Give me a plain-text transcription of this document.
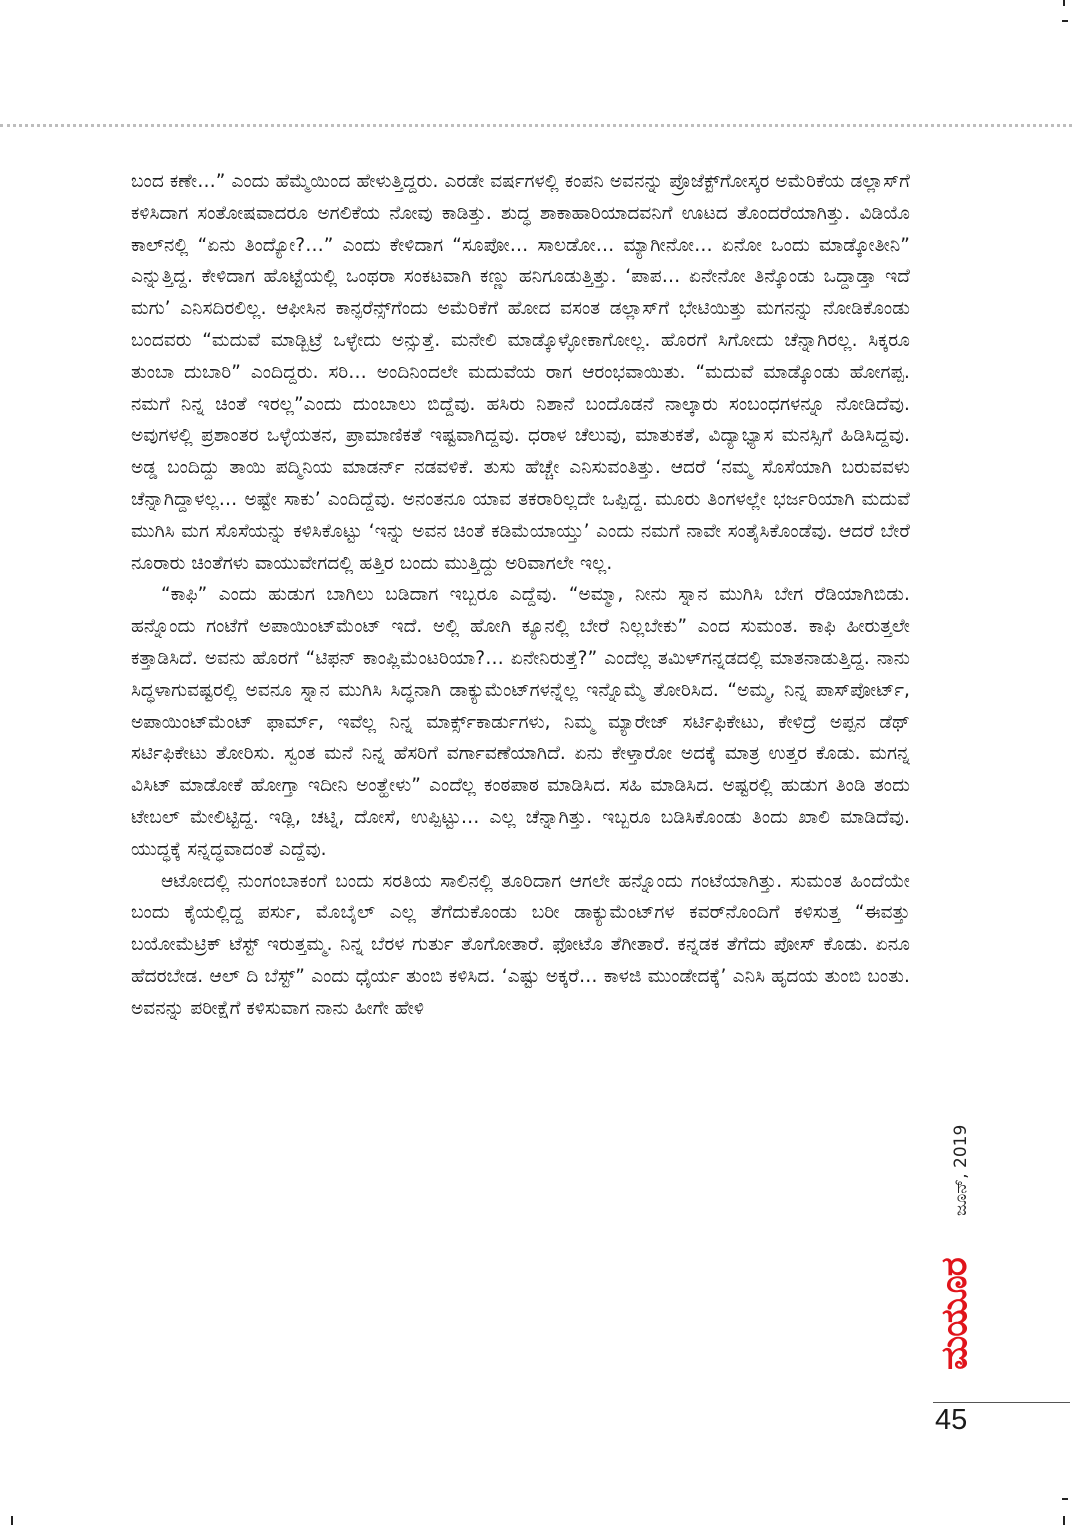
ಬಂದ ಕಣೇ…” ಎಂದು ಹೆಮ್ಮೆಯಿಂದ ಹೇಳುತ್ತಿದ್ದರು. ಎರಡೇ ವರ್ಷಗಳಲ್ಲಿ ಕಂಪನಿ ಅವನನ್ನು ಪ್ರೊಜೆಕ್ಟ್‌ಗೋಸ್ಕರ ಅಮೆರಿಕೆಯ ಡಲ್ಲಾಸ್‌ಗೆ ಕಳಿಸಿದಾಗ ಸಂತೋಷವಾದರೂ ಅಗಲಿಕೆಯ ನೋವು ಕಾಡಿತ್ತು. ಶುದ್ಧ ಶಾಕಾಹಾರಿಯಾದವನಿಗೆ ಊಟದ ತೊಂದರೆಯಾಗಿತ್ತು. ವಿಡಿಯೊ ಕಾಲ್‌ನಲ್ಲಿ “ಏನು ತಿಂದ್ಯೋ?…” ಎಂದು ಕೇಳಿದಾಗ “ಸೂಪೋ… ಸಾಲಡೋ… ಮ್ಯಾಗೀನೋ… ಏನೋ ಒಂದು ಮಾಡ್ಕೋತೀನಿ” ಎನ್ನುತ್ತಿದ್ದ. ಕೇಳಿದಾಗ ಹೊಟ್ಟೆಯಲ್ಲಿ ಒಂಥರಾ ಸಂಕಟವಾಗಿ ಕಣ್ಣು ಹನಿಗೂಡುತ್ತಿತ್ತು. ‘ಪಾಪ… ಏನೇನೋ ತಿನ್ಕೊಂಡು ಒದ್ದಾಡ್ತಾ ಇದೆ ಮಗು’ ಎನಿಸದಿರಲಿಲ್ಲ. ಆಫೀಸಿನ ಕಾನ್ಫರೆನ್ಸ್‌ಗೆಂದು ಅಮೆರಿಕೆಗೆ ಹೋದ ವಸಂತ ಡಲ್ಲಾಸ್‌ಗೆ ಭೇಟಿಯಿತ್ತು ಮಗನನ್ನು ನೋಡಿಕೊಂಡು ಬಂದವರು “ಮದುವೆ ಮಾಡ್ಬಿಟ್ರೆ ಒಳ್ಳೇದು ಅನ್ಸುತ್ತೆ. ಮನೇಲಿ ಮಾಡ್ಕೊಳ್ಳೋಕಾಗೋಲ್ಲ. ಹೊರಗೆ ಸಿಗೋದು ಚೆನ್ನಾಗಿರಲ್ಲ. ಸಿಕ್ಕರೂ ತುಂಬಾ ದುಬಾರಿ” ಎಂದಿದ್ದರು. ಸರಿ… ಅಂದಿನಿಂದಲೇ ಮದುವೆಯ ರಾಗ ಆರಂಭವಾಯಿತು. “ಮದುವೆ ಮಾಡ್ಕೊಂಡು ಹೋಗಪ್ಪ. ನಮಗೆ ನಿನ್ನ ಚಿಂತೆ ಇರಲ್ಲ”ಎಂದು ದುಂಬಾಲು ಬಿದ್ದೆವು. ಹಸಿರು ನಿಶಾನೆ ಬಂದೊಡನೆ ನಾಲ್ಕಾರು ಸಂಬಂಧಗಳನ್ನೂ ನೋಡಿದೆವು. ಅವುಗಳಲ್ಲಿ ಪ್ರಶಾಂತರ ಒಳ್ಳೆಯತನ, ಪ್ರಾಮಾಣಿಕತೆ ಇಷ್ಟವಾಗಿದ್ದವು. ಧರಾಳ ಚೆಲುವು, ಮಾತುಕತೆ, ವಿದ್ಯಾಭ್ಯಾಸ ಮನಸ್ಸಿಗೆ ಹಿಡಿಸಿದ್ದವು. ಅಡ್ಡ ಬಂದಿದ್ದು ತಾಯಿ ಪದ್ಮಿನಿಯ ಮಾಡರ್ನ್ ನಡವಳಿಕೆ. ತುಸು ಹೆಚ್ಚೇ ಎನಿಸುವಂತಿತ್ತು. ಆದರೆ ‘ನಮ್ಮ ಸೊಸೆಯಾಗಿ ಬರುವವಳು ಚೆನ್ನಾಗಿದ್ದಾಳಲ್ಲ… ಅಷ್ಟೇ ಸಾಕು’ ಎಂದಿದ್ದೆವು. ಅನಂತನೂ ಯಾವ ತಕರಾರಿಲ್ಲದೇ ಒಪ್ಪಿದ್ದ. ಮೂರು ತಿಂಗಳಲ್ಲೇ ಭರ್ಜರಿಯಾಗಿ ಮದುವೆ ಮುಗಿಸಿ ಮಗ ಸೊಸೆಯನ್ನು ಕಳಿಸಿಕೊಟ್ಟು ‘ಇನ್ನು ಅವನ ಚಿಂತೆ ಕಡಿಮೆಯಾಯ್ತು’ ಎಂದು ನಮಗೆ ನಾವೇ ಸಂತೈಸಿಕೊಂಡೆವು. ಆದರೆ ಬೇರೆ ನೂರಾರು ಚಿಂತೆಗಳು ವಾಯುವೇಗದಲ್ಲಿ ಹತ್ತಿರ ಬಂದು ಮುತ್ತಿದ್ದು ಅರಿವಾಗಲೇ ಇಲ್ಲ.

“ಕಾಫಿ” ಎಂದು ಹುಡುಗ ಬಾಗಿಲು ಬಡಿದಾಗ ಇಬ್ಬರೂ ಎದ್ದೆವು. “ಅಮ್ಮಾ, ನೀನು ಸ್ನಾನ ಮುಗಿಸಿ ಬೇಗ ರೆಡಿಯಾಗಿಬಿಡು. ಹನ್ನೊಂದು ಗಂಟೆಗೆ ಅಪಾಯಿಂಟ್‌ಮೆಂಟ್ ಇದೆ. ಅಲ್ಲಿ ಹೋಗಿ ಕ್ಯೂನಲ್ಲಿ ಬೇರೆ ನಿಲ್ಲಬೇಕು” ಎಂದ ಸುಮಂತ. ಕಾಫಿ ಹೀರುತ್ತಲೇ ಕತ್ತಾಡಿಸಿದೆ. ಅವನು ಹೊರಗೆ “ಟಿಫನ್ ಕಾಂಪ್ಲಿಮೆಂಟರಿಯಾ?… ಏನೇನಿರುತ್ತೆ?” ಎಂದೆಲ್ಲ ತಮಿಳ್‌ಗನ್ನಡದಲ್ಲಿ ಮಾತನಾಡುತ್ತಿದ್ದ. ನಾನು ಸಿದ್ಧಳಾಗುವಷ್ಟರಲ್ಲಿ ಅವನೂ ಸ್ನಾನ ಮುಗಿಸಿ ಸಿದ್ಧನಾಗಿ ಡಾಕ್ಯುಮೆಂಟ್‌ಗಳನ್ನೆಲ್ಲ ಇನ್ನೊಮ್ಮೆ ತೋರಿಸಿದ. “ಅಮ್ಮ, ನಿನ್ನ ಪಾಸ್‌ಪೋರ್ಟ್, ಅಪಾಯಿಂಟ್‌ಮೆಂಟ್ ಫಾರ್ಮ್, ಇವೆಲ್ಲ ನಿನ್ನ ಮಾರ್ಕ್ಸ್‌ಕಾರ್ಡುಗಳು, ನಿಮ್ಮ ಮ್ಯಾರೇಜ್ ಸರ್ಟಿಫಿಕೇಟು, ಕೇಳಿದ್ರೆ ಅಪ್ಪನ ಡೆಥ್ ಸರ್ಟಿಫಿಕೇಟು ತೋರಿಸು. ಸ್ವಂತ ಮನೆ ನಿನ್ನ ಹೆಸರಿಗೆ ವರ್ಗಾವಣೆಯಾಗಿದೆ. ಏನು ಕೇಳ್ತಾರೋ ಅದಕ್ಕೆ ಮಾತ್ರ ಉತ್ತರ ಕೊಡು. ಮಗನ್ನ ವಿಸಿಟ್ ಮಾಡೋಕೆ ಹೋಗ್ತಾ ಇದೀನಿ ಅಂತ್ಹೇಳು” ಎಂದೆಲ್ಲ ಕಂಠಪಾಠ ಮಾಡಿಸಿದ. ಸಹಿ ಮಾಡಿಸಿದ. ಅಷ್ಟರಲ್ಲಿ ಹುಡುಗ ತಿಂಡಿ ತಂದು ಟೇಬಲ್ ಮೇಲಿಟ್ಟಿದ್ದ. ಇಡ್ಲಿ, ಚಟ್ನಿ, ದೋಸೆ, ಉಪ್ಪಿಟ್ಟು… ಎಲ್ಲ ಚೆನ್ನಾಗಿತ್ತು. ಇಬ್ಬರೂ ಬಡಿಸಿಕೊಂಡು ತಿಂದು ಖಾಲಿ ಮಾಡಿದೆವು. ಯುದ್ಧಕ್ಕೆ ಸನ್ನದ್ಧವಾದಂತೆ ಎದ್ದೆವು.

ಆಟೋದಲ್ಲಿ ನುಂಗಂಬಾಕಂಗೆ ಬಂದು ಸರತಿಯ ಸಾಲಿನಲ್ಲಿ ತೂರಿದಾಗ ಆಗಲೇ ಹನ್ನೊಂದು ಗಂಟೆಯಾಗಿತ್ತು. ಸುಮಂತ ಹಿಂದೆಯೇ ಬಂದು ಕೈಯಲ್ಲಿದ್ದ ಪರ್ಸು, ಮೊಬೈಲ್ ಎಲ್ಲ ತೆಗೆದುಕೊಂಡು ಬರೀ ಡಾಕ್ಯುಮೆಂಟ್‌ಗಳ ಕವರ್‌ನೊಂದಿಗೆ ಕಳಿಸುತ್ತ “ಈವತ್ತು ಬಯೋಮೆಟ್ರಿಕ್ ಟೆಸ್ಟ್ ಇರುತ್ತಮ್ಮ. ನಿನ್ನ ಬೆರಳ ಗುರ್ತು ತೊಗೋತಾರೆ. ಫೋಟೊ ತೆಗೀತಾರೆ. ಕನ್ನಡಕ ತೆಗೆದು ಪೋಸ್ ಕೊಡು. ಏನೂ ಹೆದರಬೇಡ. ಆಲ್ ದಿ ಬೆಸ್ಟ್” ಎಂದು ಧೈರ್ಯ ತುಂಬಿ ಕಳಿಸಿದ. ‘ಎಷ್ಟು ಅಕ್ಕರೆ… ಕಾಳಜಿ ಮುಂಡೇದಕ್ಕೆ’ ಎನಿಸಿ ಹೃದಯ ತುಂಬಿ ಬಂತು. ಅವನನ್ನು ಪರೀಕ್ಷೆಗೆ ಕಳಿಸುವಾಗ ನಾನು ಹೀಗೇ ಹೇಳಿ

ಜೂನ್, 2019
ಮಯೂರ
45
